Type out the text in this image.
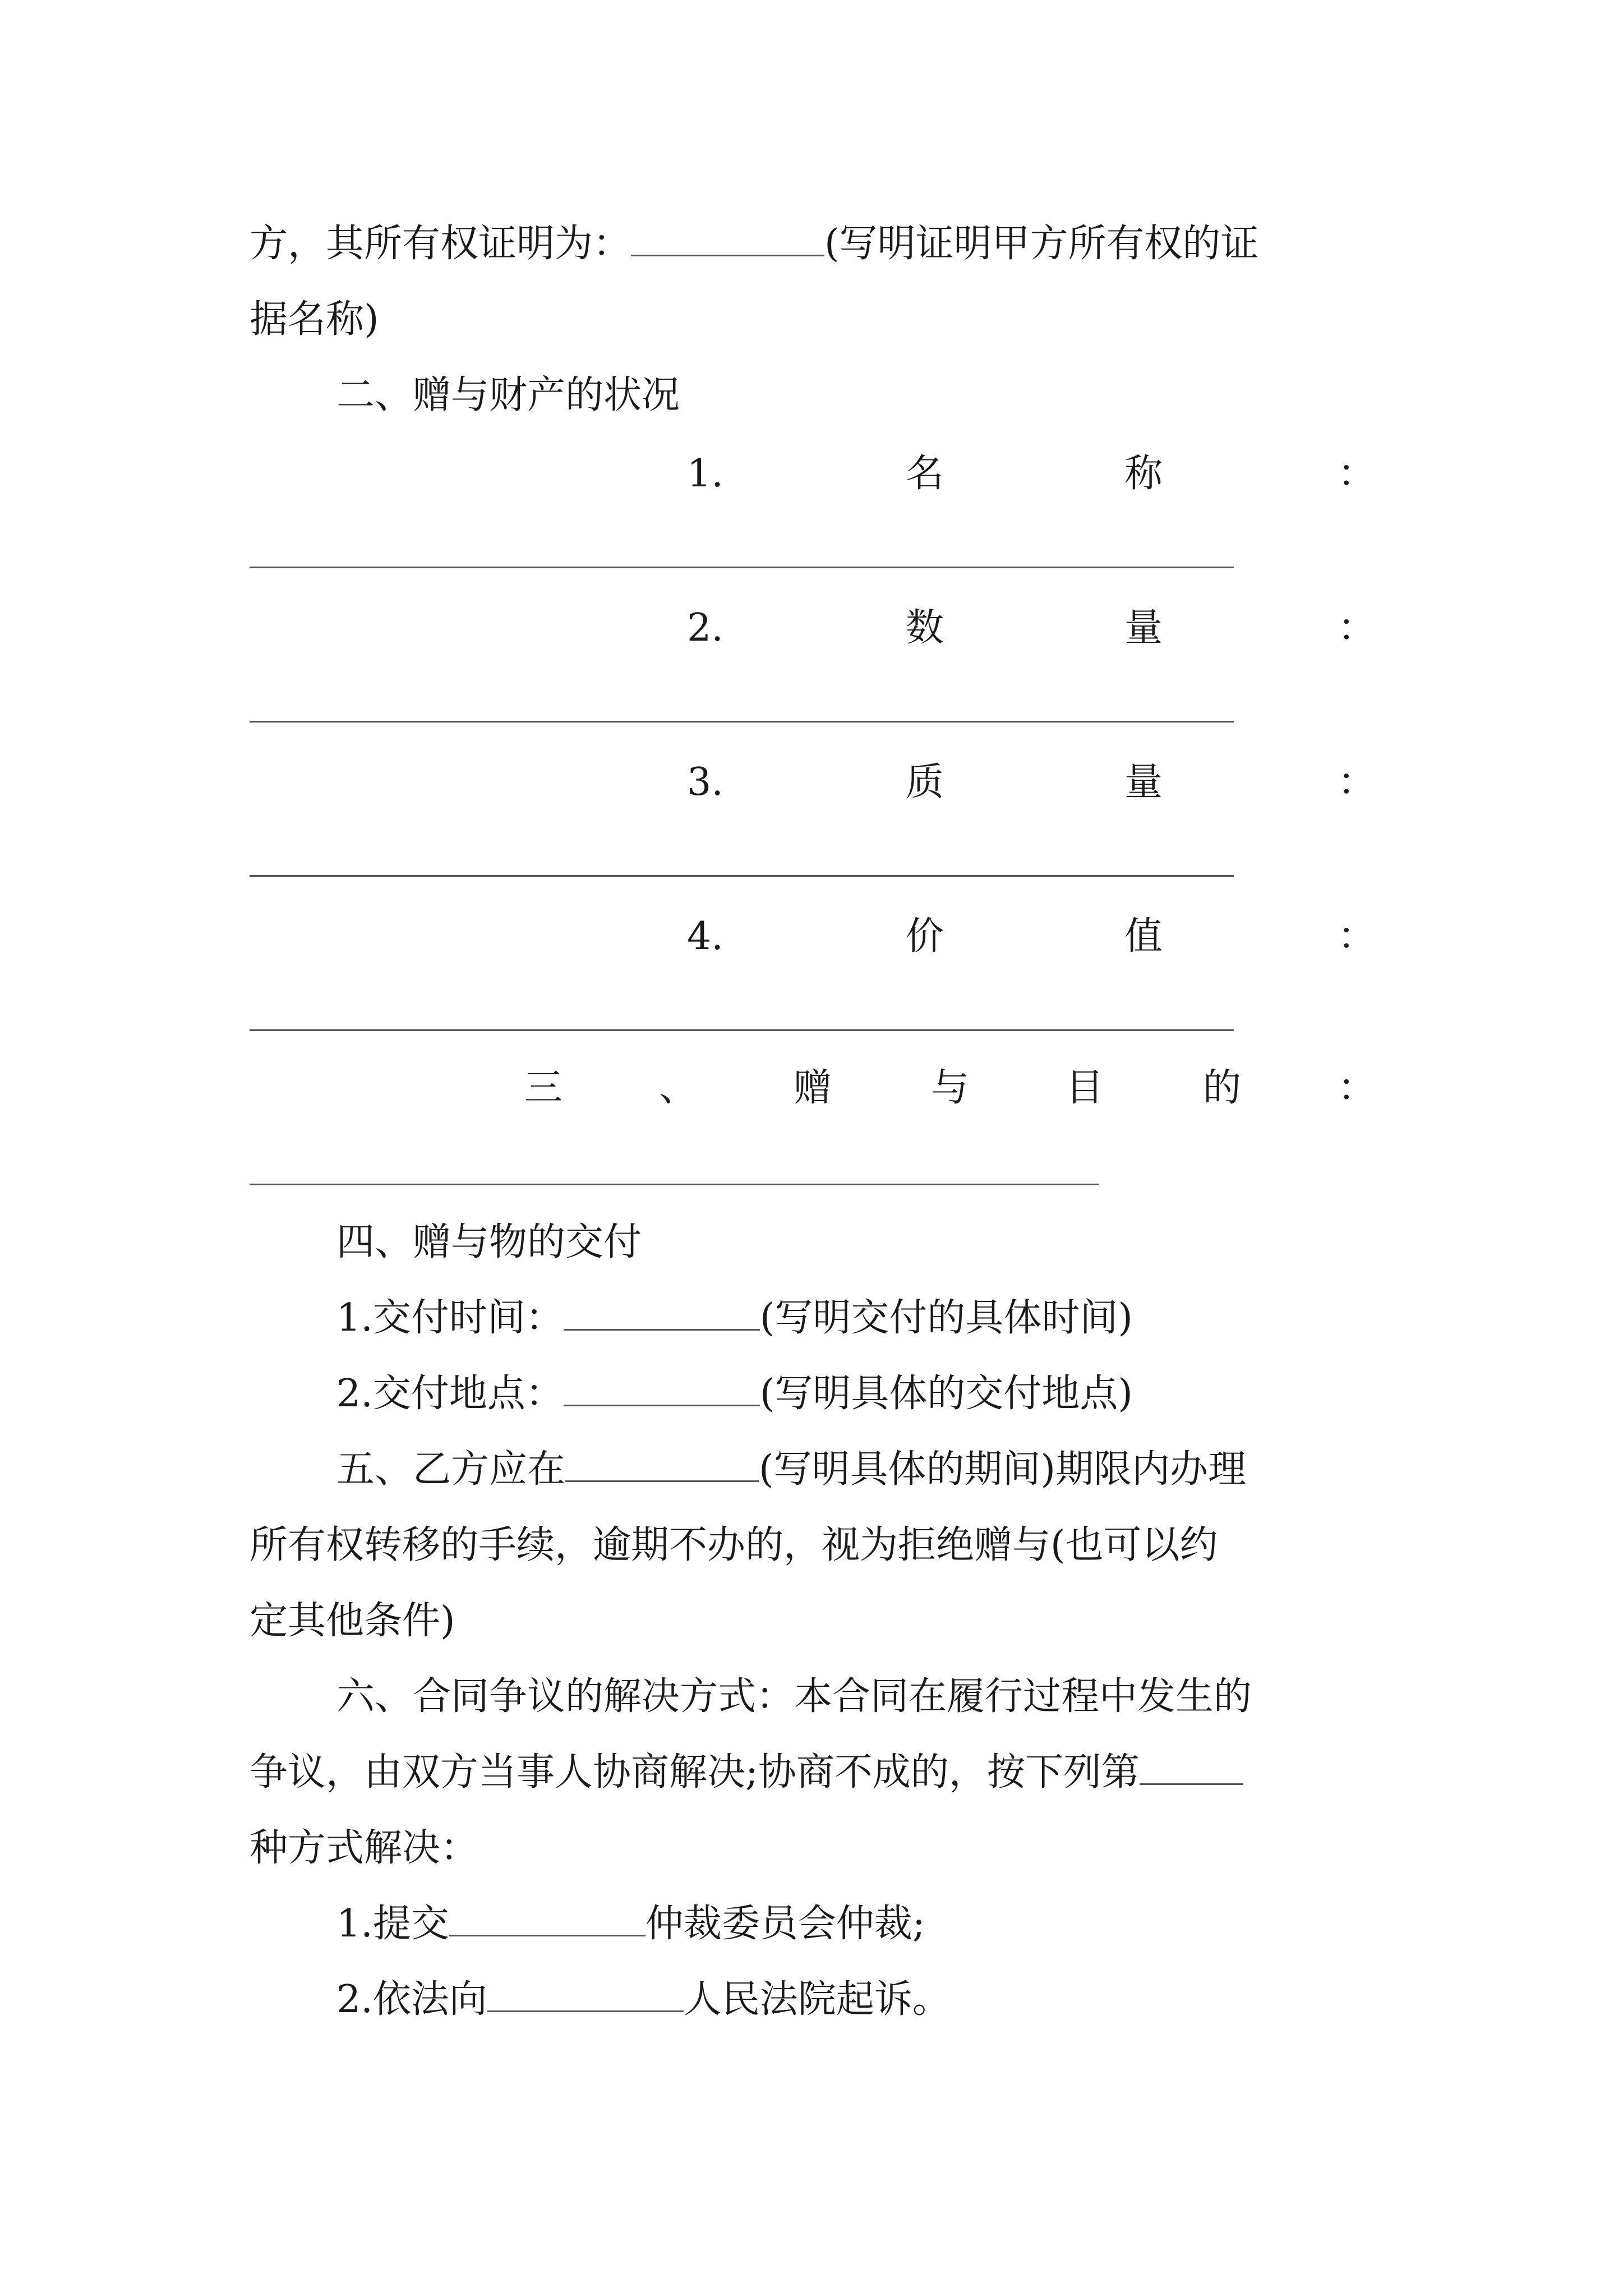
方，其所有权证明为：	(写明证明甲方所有权的证
据名称)
二、赠与财产的状况
1.	名	称	：
2.	数	量	：
3.	质	量	：
4.	价	值	：
三	、	赠	与	目	的	：
四、赠与物的交付
1.交付时间：	(写明交付的具体时间)
2.交付地点：	(写明具体的交付地点)
五、乙方应在	(写明具体的期间)期限内办理
所有权转移的手续，逾期不办的，视为拒绝赠与(也可以约
定其他条件)
六、合同争议的解决方式：本合同在履行过程中发生的
争议，由双方当事人协商解决;协商不成的，按下列第
种方式解决：
1.提交	仲裁委员会仲裁;
2.依法向	人民法院起诉。
